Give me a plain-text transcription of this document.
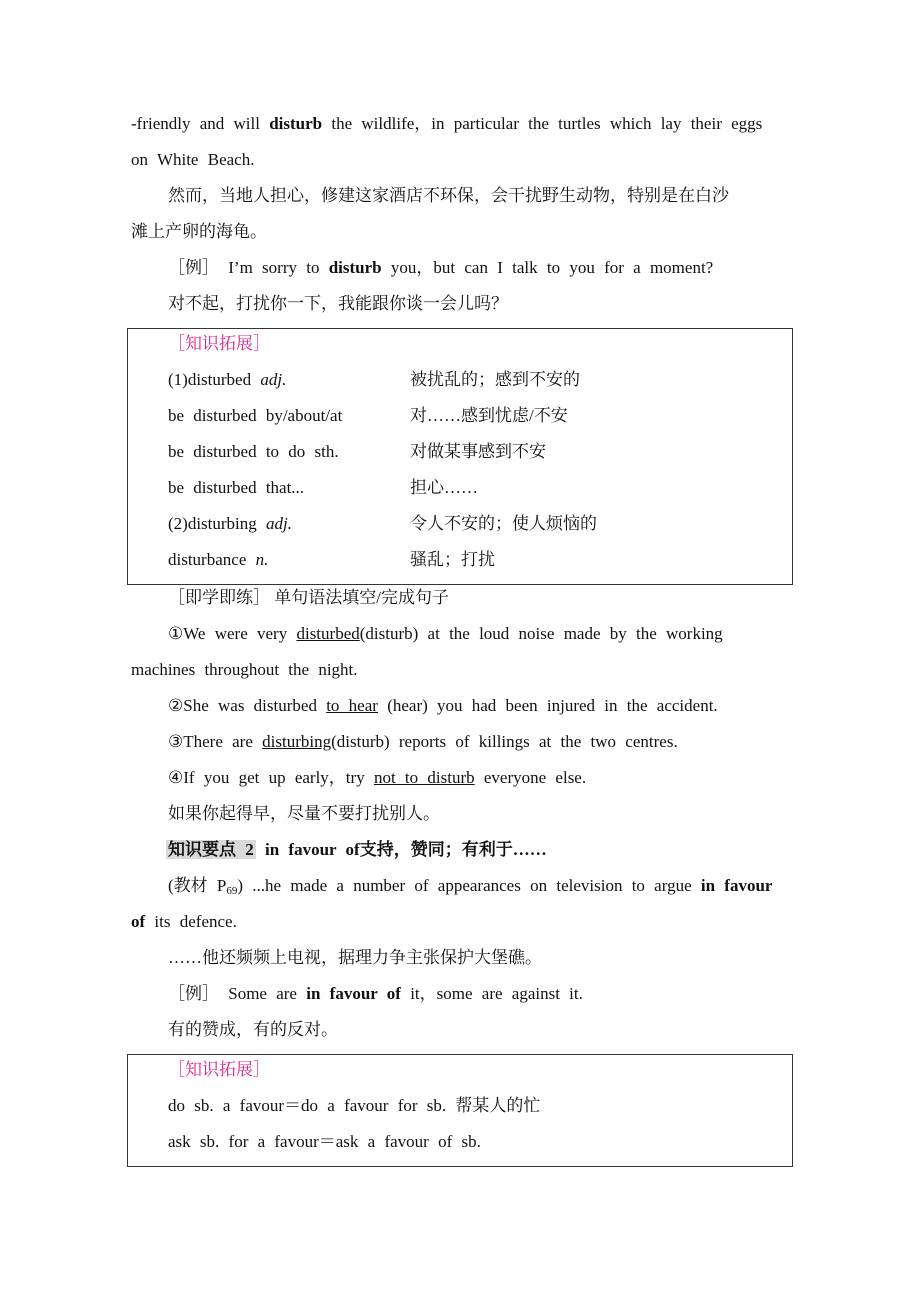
-friendly and will disturb the wildlife，in particular the turtles which lay their eggs
on White Beach.
然而，当地人担心，修建这家酒店不环保，会干扰野生动物，特别是在白沙
滩上产卵的海龟。
［例］ I’m sorry to disturb you，but can I talk to you for a moment?
对不起，打扰你一下，我能跟你谈一会儿吗？
［知识拓展］
(1)disturbed adj.	被扰乱的；感到不安的
be disturbed by/about/at	对……感到忧虑/不安
be disturbed to do sth.	对做某事感到不安
be disturbed that...	担心……
(2)disturbing adj.	令人不安的；使人烦恼的
disturbance n.	骚乱；打扰
［即学即练］ 单句语法填空/完成句子
①We were very disturbed(disturb) at the loud noise made by the working
machines throughout the night.
②She was disturbed to hear (hear) you had been injured in the accident.
③There are disturbing(disturb) reports of killings at the two centres.
④If you get up early，try not to disturb everyone else.
如果你起得早，尽量不要打扰别人。
知识要点 2 in favour of支持，赞同；有利于……
(教材 $P_{69}$) ...he made a number of appearances on television to argue in favour
of its defence.
……他还频频上电视，据理力争主张保护大堡礁。
［例］ Some are in favour of it，some are against it.
有的赞成，有的反对。
［知识拓展］
do sb. a favour＝do a favour for sb. 帮某人的忙
ask sb. for a favour＝ask a favour of sb.
